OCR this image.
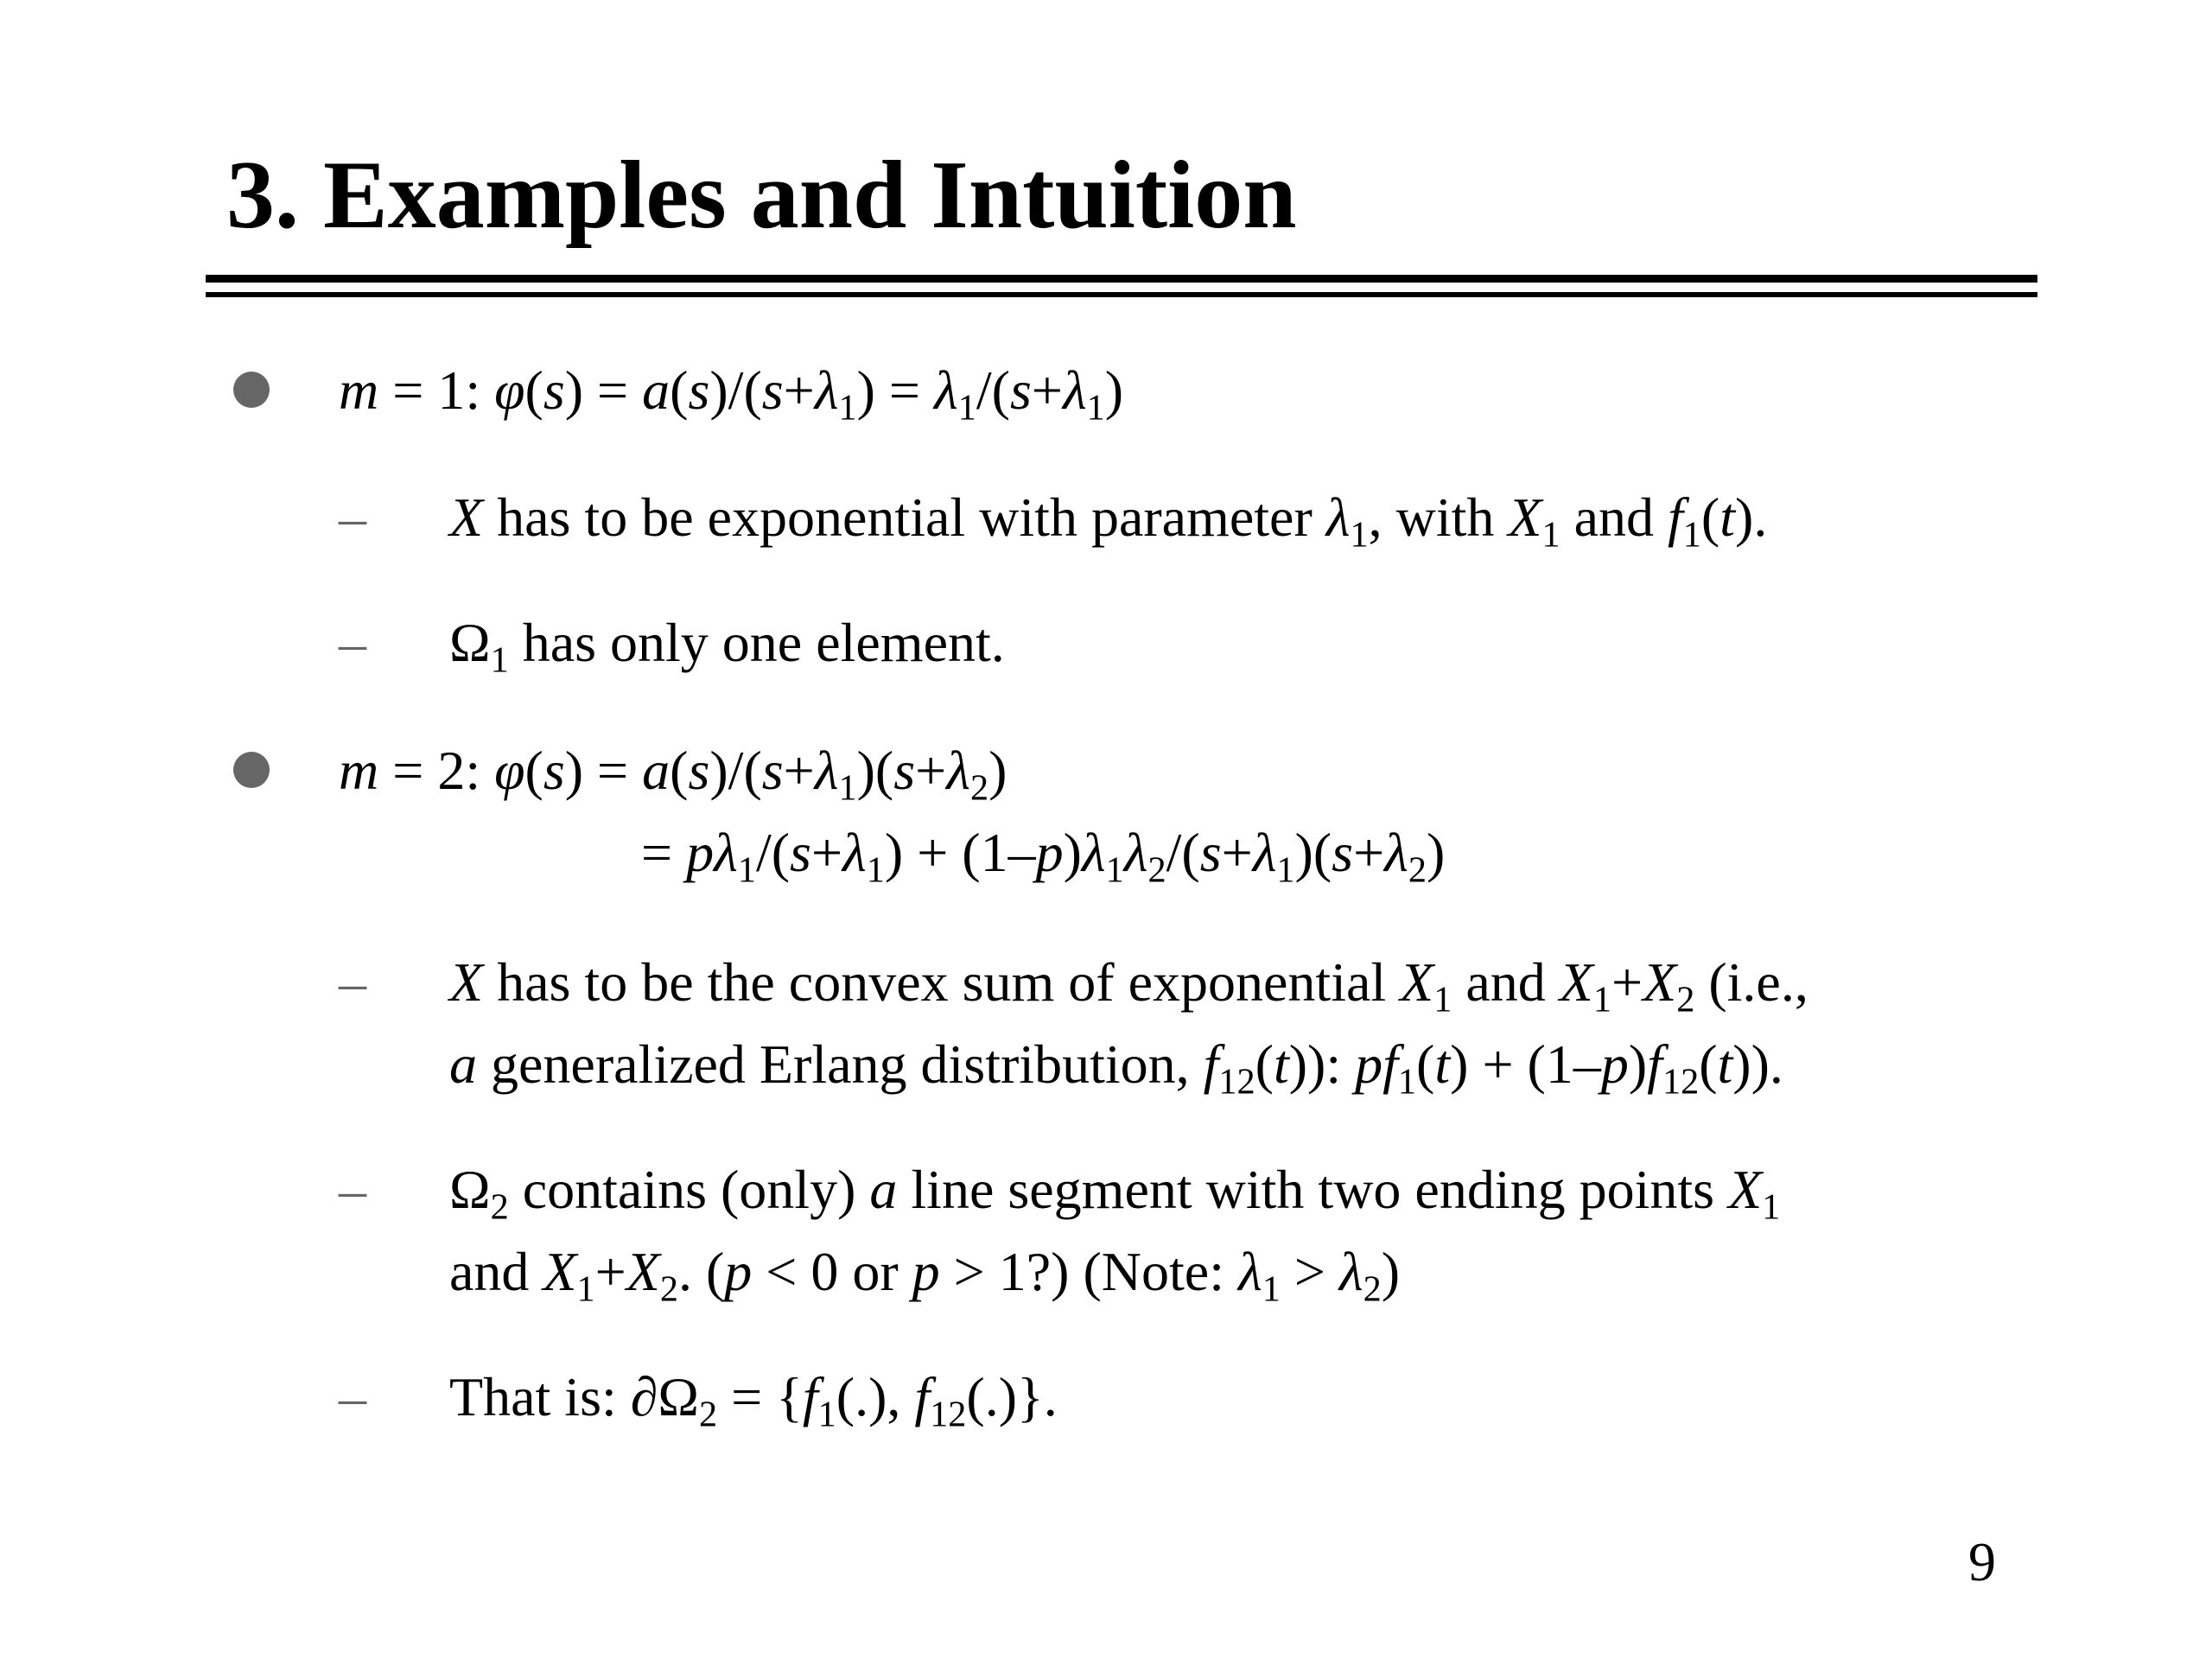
3. Examples and Intuition
m = 1: $\varphi(s) = a(s)/(s+\lambda_1) = \lambda_1/(s+\lambda_1)$
– X has to be exponential with parameter $\lambda_1$, with $X_1$ and $f_1(t)$.
– $\Omega_1$ has only one element.
m = 2: $\varphi(s) = a(s)/(s+\lambda_1)(s+\lambda_2)$
= $p\lambda_1/(s+\lambda_1) + (1-p)\lambda_1\lambda_2/(s+\lambda_1)(s+\lambda_2)$
– X has to be the convex sum of exponential $X_1$ and $X_1+X_2$ (i.e.,
a generalized Erlang distribution, $f_{12}(t)$): $pf_1(t) + (1-p)f_{12}(t)$).
– $\Omega_2$ contains (only) a line segment with two ending points $X_1$
and $X_1+X_2$. (p < 0 or p > 1?) (Note: $\lambda_1 > \lambda_2$)
– That is: $\partial\Omega_2 = \{f_1(.)$, $f_{12}(.)$}.
9
